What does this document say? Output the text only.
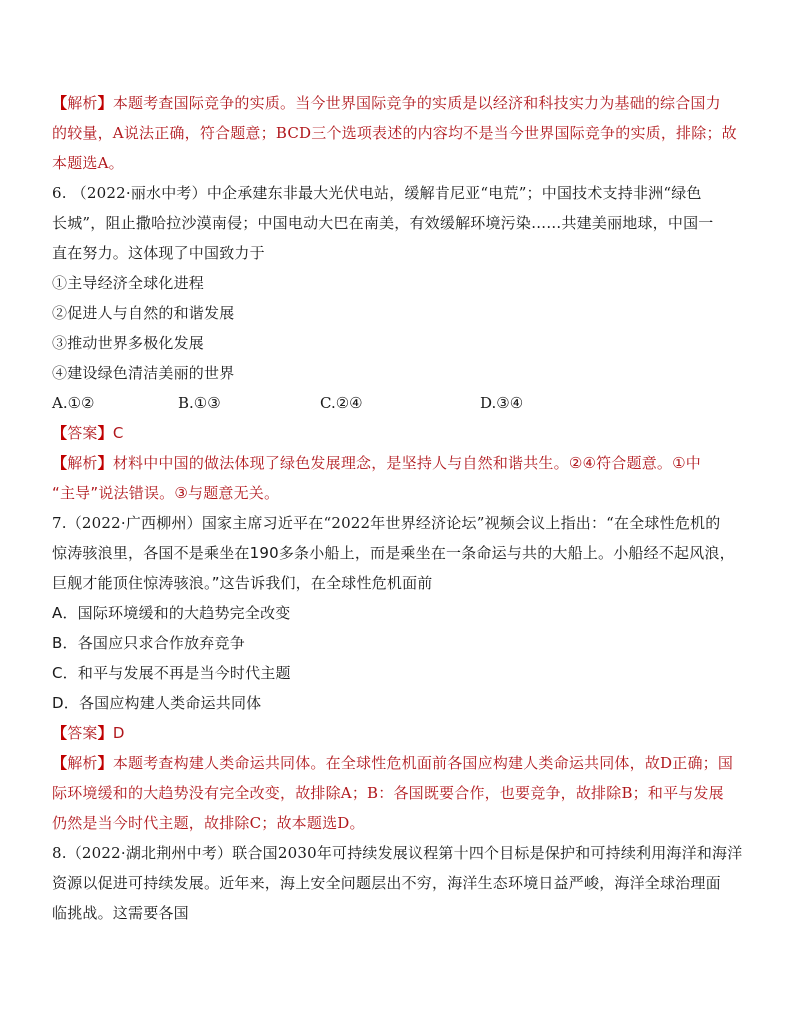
【解析】本题考查国际竞争的实质。当今世界国际竞争的实质是以经济和科技实力为基础的综合国力
的较量，A说法正确，符合题意；BCD三个选项表述的内容均不是当今世界国际竞争的实质，排除；故
本题选A。
6. （2022·丽水中考）中企承建东非最大光伏电站，缓解肯尼亚“电荒”；中国技术支持非洲“绿色
长城”，阻止撒哈拉沙漠南侵；中国电动大巴在南美，有效缓解环境污染……共建美丽地球，中国一
直在努力。这体现了中国致力于
①主导经济全球化进程
②促进人与自然的和谐发展
③推动世界多极化发展
④建设绿色清洁美丽的世界
A.①②	B.①③	C.②④	D.③④
【答案】C
【解析】材料中中国的做法体现了绿色发展理念，是坚持人与自然和谐共生。②④符合题意。①中
“主导”说法错误。③与题意无关。
7.（2022·广西柳州）国家主席习近平在“2022年世界经济论坛”视频会议上指出：“在全球性危机的
惊涛骇浪里，各国不是乘坐在190多条小船上，而是乘坐在一条命运与共的大船上。小船经不起风浪，
巨舰才能顶住惊涛骇浪。”这告诉我们，在全球性危机面前
A．国际环境缓和的大趋势完全改变
B．各国应只求合作放弃竞争
C．和平与发展不再是当今时代主题
D．各国应构建人类命运共同体
【答案】D
【解析】本题考查构建人类命运共同体。在全球性危机面前各国应构建人类命运共同体，故D正确；国
际环境缓和的大趋势没有完全改变，故排除A；B：各国既要合作，也要竞争，故排除B；和平与发展
仍然是当今时代主题，故排除C；故本题选D。
8.（2022·湖北荆州中考）联合国2030年可持续发展议程第十四个目标是保护和可持续利用海洋和海洋
资源以促进可持续发展。近年来，海上安全问题层出不穷，海洋生态环境日益严峻，海洋全球治理面
临挑战。这需要各国
